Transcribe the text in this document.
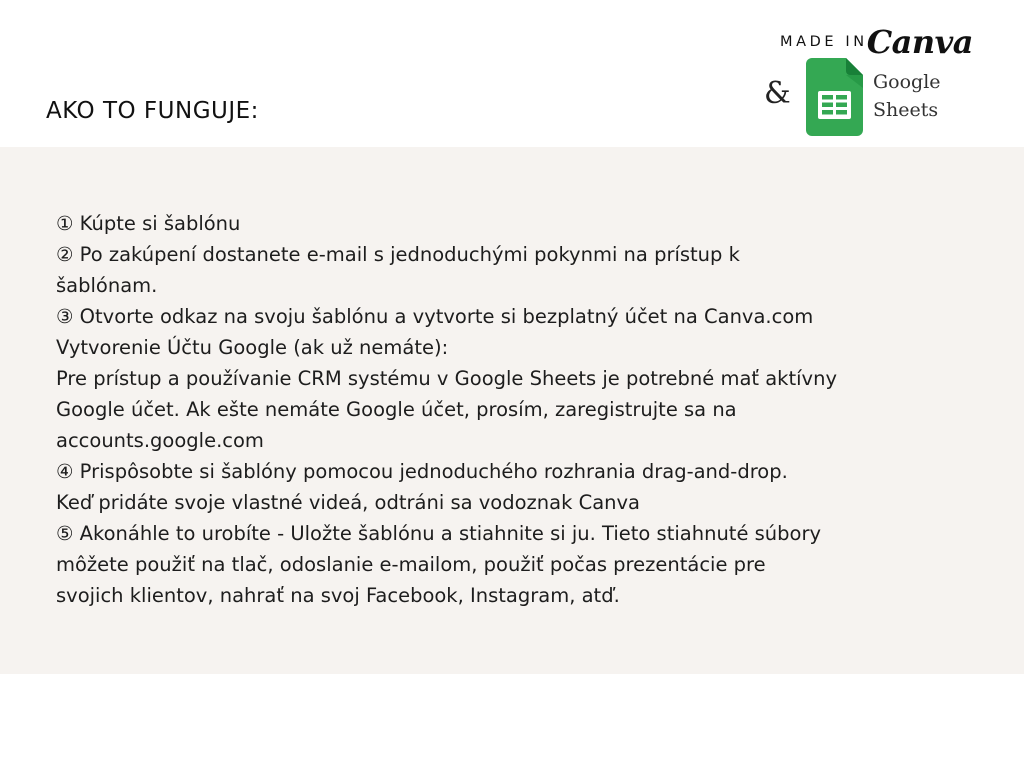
AKO TO FUNGUJE:
MADE IN Canva
&	Google
Sheets
① Kúpte si šablónu
② Po zakúpení dostanete e-mail s jednoduchými pokynmi na prístup k
šablónam.
③ Otvorte odkaz na svoju šablónu a vytvorte si bezplatný účet na Canva.com
Vytvorenie Účtu Google (ak už nemáte):
Pre prístup a používanie CRM systému v Google Sheets je potrebné mať aktívny
Google účet. Ak ešte nemáte Google účet, prosím, zaregistrujte sa na
accounts.google.com
④ Prispôsobte si šablóny pomocou jednoduchého rozhrania drag-and-drop.
Keď pridáte svoje vlastné videá, odtráni sa vodoznak Canva
⑤ Akonáhle to urobíte - Uložte šablónu a stiahnite si ju. Tieto stiahnuté súbory
môžete použiť na tlač, odoslanie e-mailom, použiť počas prezentácie pre
svojich klientov, nahrať na svoj Facebook, Instagram, atď.
